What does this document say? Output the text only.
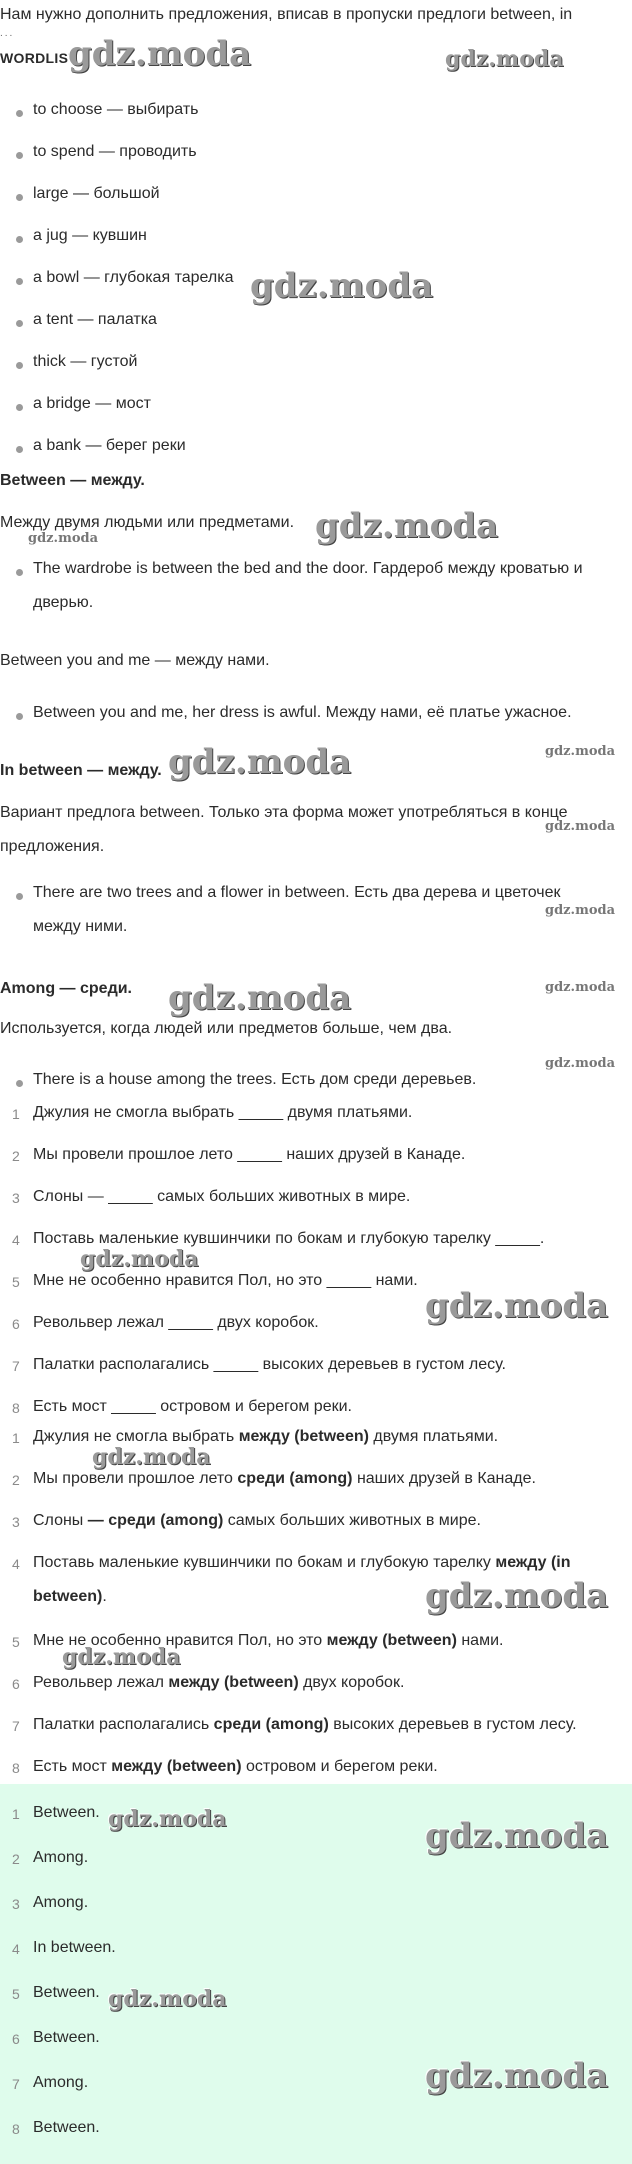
Нам нужно дополнить предложения, вписав в пропуски предлоги between, in
...
WORDLIST
to choose — выбирать
to spend — проводить
large — большой
a jug — кувшин
a bowl — глубокая тарелка
a tent — палатка
thick — густой
a bridge — мост
a bank — берег реки
Between — между.
Между двумя людьми или предметами.
The wardrobe is between the bed and the door. Гардероб между кроватью и
дверью.
Between you and me — между нами.
Between you and me, her dress is awful. Между нами, её платье ужасное.
In between — между.
Вариант предлога between. Только эта форма может употребляться в конце
предложения.
There are two trees and a flower in between. Есть два дерева и цветочек
между ними.
Among — среди.
Используется, когда людей или предметов больше, чем два.
There is a house among the trees. Есть дом среди деревьев.
1 Джулия не смогла выбрать _____ двумя платьями.
2 Мы провели прошлое лето _____ наших друзей в Канаде.
3 Слоны — _____ самых больших животных в мире.
4 Поставь маленькие кувшинчики по бокам и глубокую тарелку _____.
5 Мне не особенно нравится Пол, но это _____ нами.
6 Револьвер лежал _____ двух коробок.
7 Палатки располагались _____ высоких деревьев в густом лесу.
8 Есть мост _____ островом и берегом реки.
1 Джулия не смогла выбрать между (between) двумя платьями.
2 Мы провели прошлое лето среди (among) наших друзей в Канаде.
3 Слоны — среди (among) самых больших животных в мире.
4 Поставь маленькие кувшинчики по бокам и глубокую тарелку между (in
between).
5 Мне не особенно нравится Пол, но это между (between) нами.
6 Револьвер лежал между (between) двух коробок.
7 Палатки располагались среди (among) высоких деревьев в густом лесу.
8 Есть мост между (between) островом и берегом реки.
1 Between.
2 Among.
3 Among.
4 In between.
5 Between.
6 Between.
7 Among.
8 Between.
gdz.moda	gdz.moda
gdz.moda
gdz.moda
gdz.moda
gdz.moda
gdz.moda
gdz.moda
gdz.moda
gdz.moda	gdz.moda
gdz.moda
gdz.moda
gdz.moda
gdz.moda
gdz.moda
gdz.moda
gdz.moda	gdz.moda
gdz.moda
gdz.moda
